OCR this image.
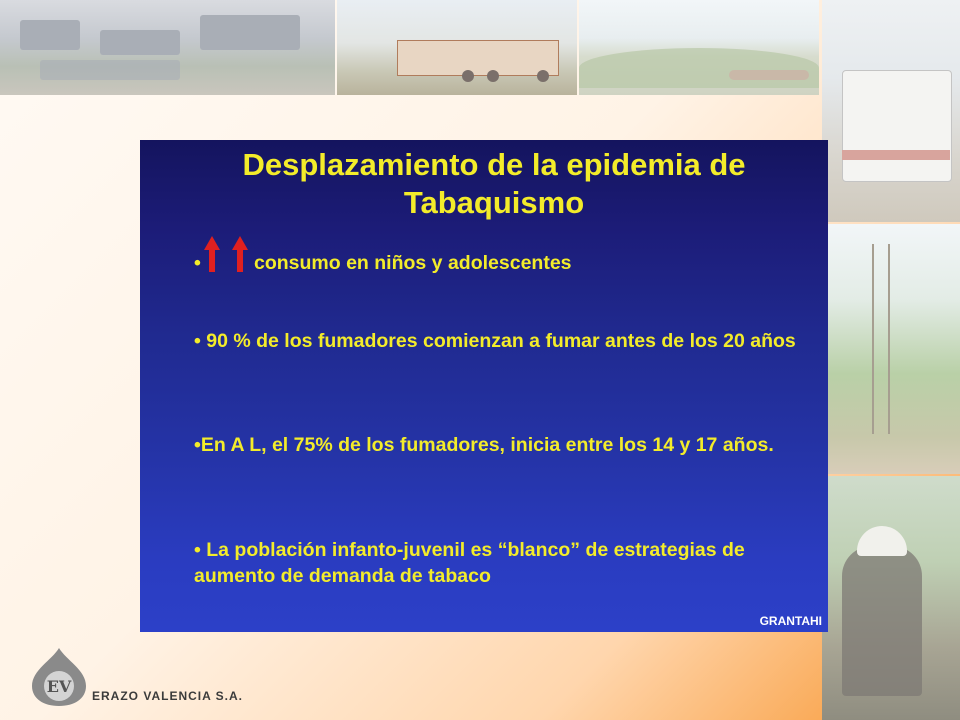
Desplazamiento de la epidemia de
Tabaquismo
•	consumo en niños y adolescentes
• 90 % de los fumadores comienzan a fumar antes de los 20 años
•En A L, el 75% de los fumadores, inicia entre los 14 y 17 años.
• La población infanto-juvenil es “blanco” de estrategias de aumento de demanda de tabaco
GRANTAHI
EV ERAZO VALENCIA S.A.
